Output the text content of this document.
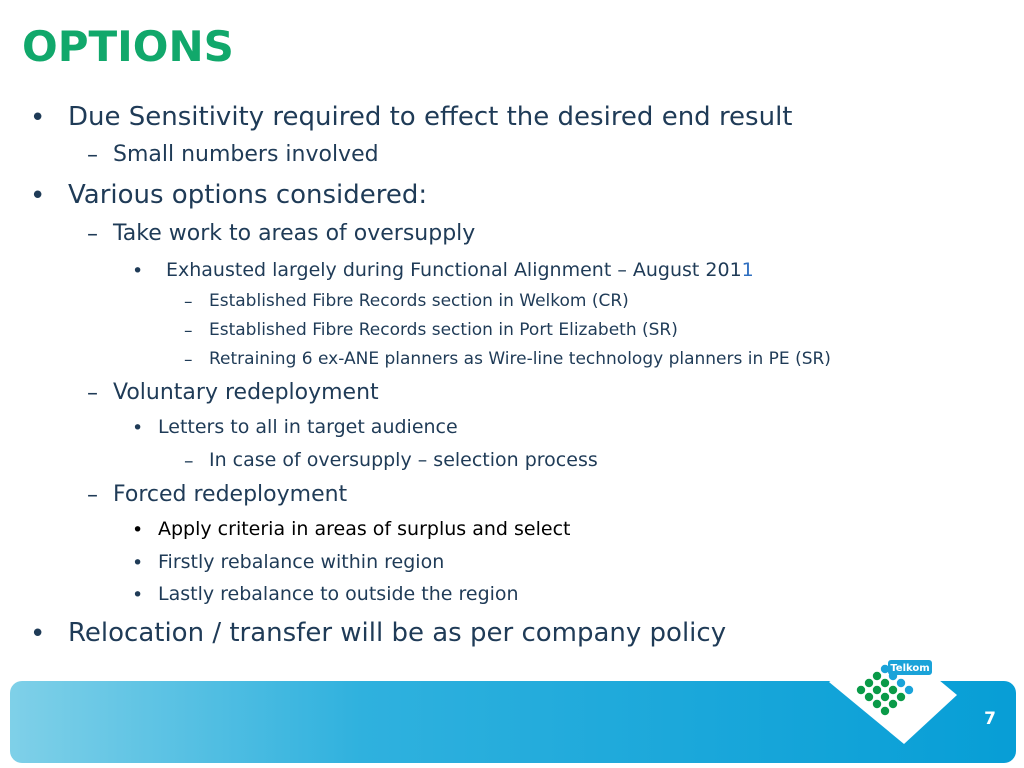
OPTIONS
• Due Sensitivity required to effect the desired end result
– Small numbers involved
• Various options considered:
– Take work to areas of oversupply
• Exhausted largely during Functional Alignment – August 2011
– Established Fibre Records section in Welkom (CR)
– Established Fibre Records section in Port Elizabeth (SR)
– Retraining 6 ex-ANE planners as Wire-line technology planners in PE (SR)
– Voluntary redeployment
• Letters to all in target audience
– In case of oversupply – selection process
– Forced redeployment
• Apply criteria in areas of surplus and select
• Firstly rebalance within region
• Lastly rebalance to outside the region
• Relocation / transfer will be as per company policy
7
Telkom
